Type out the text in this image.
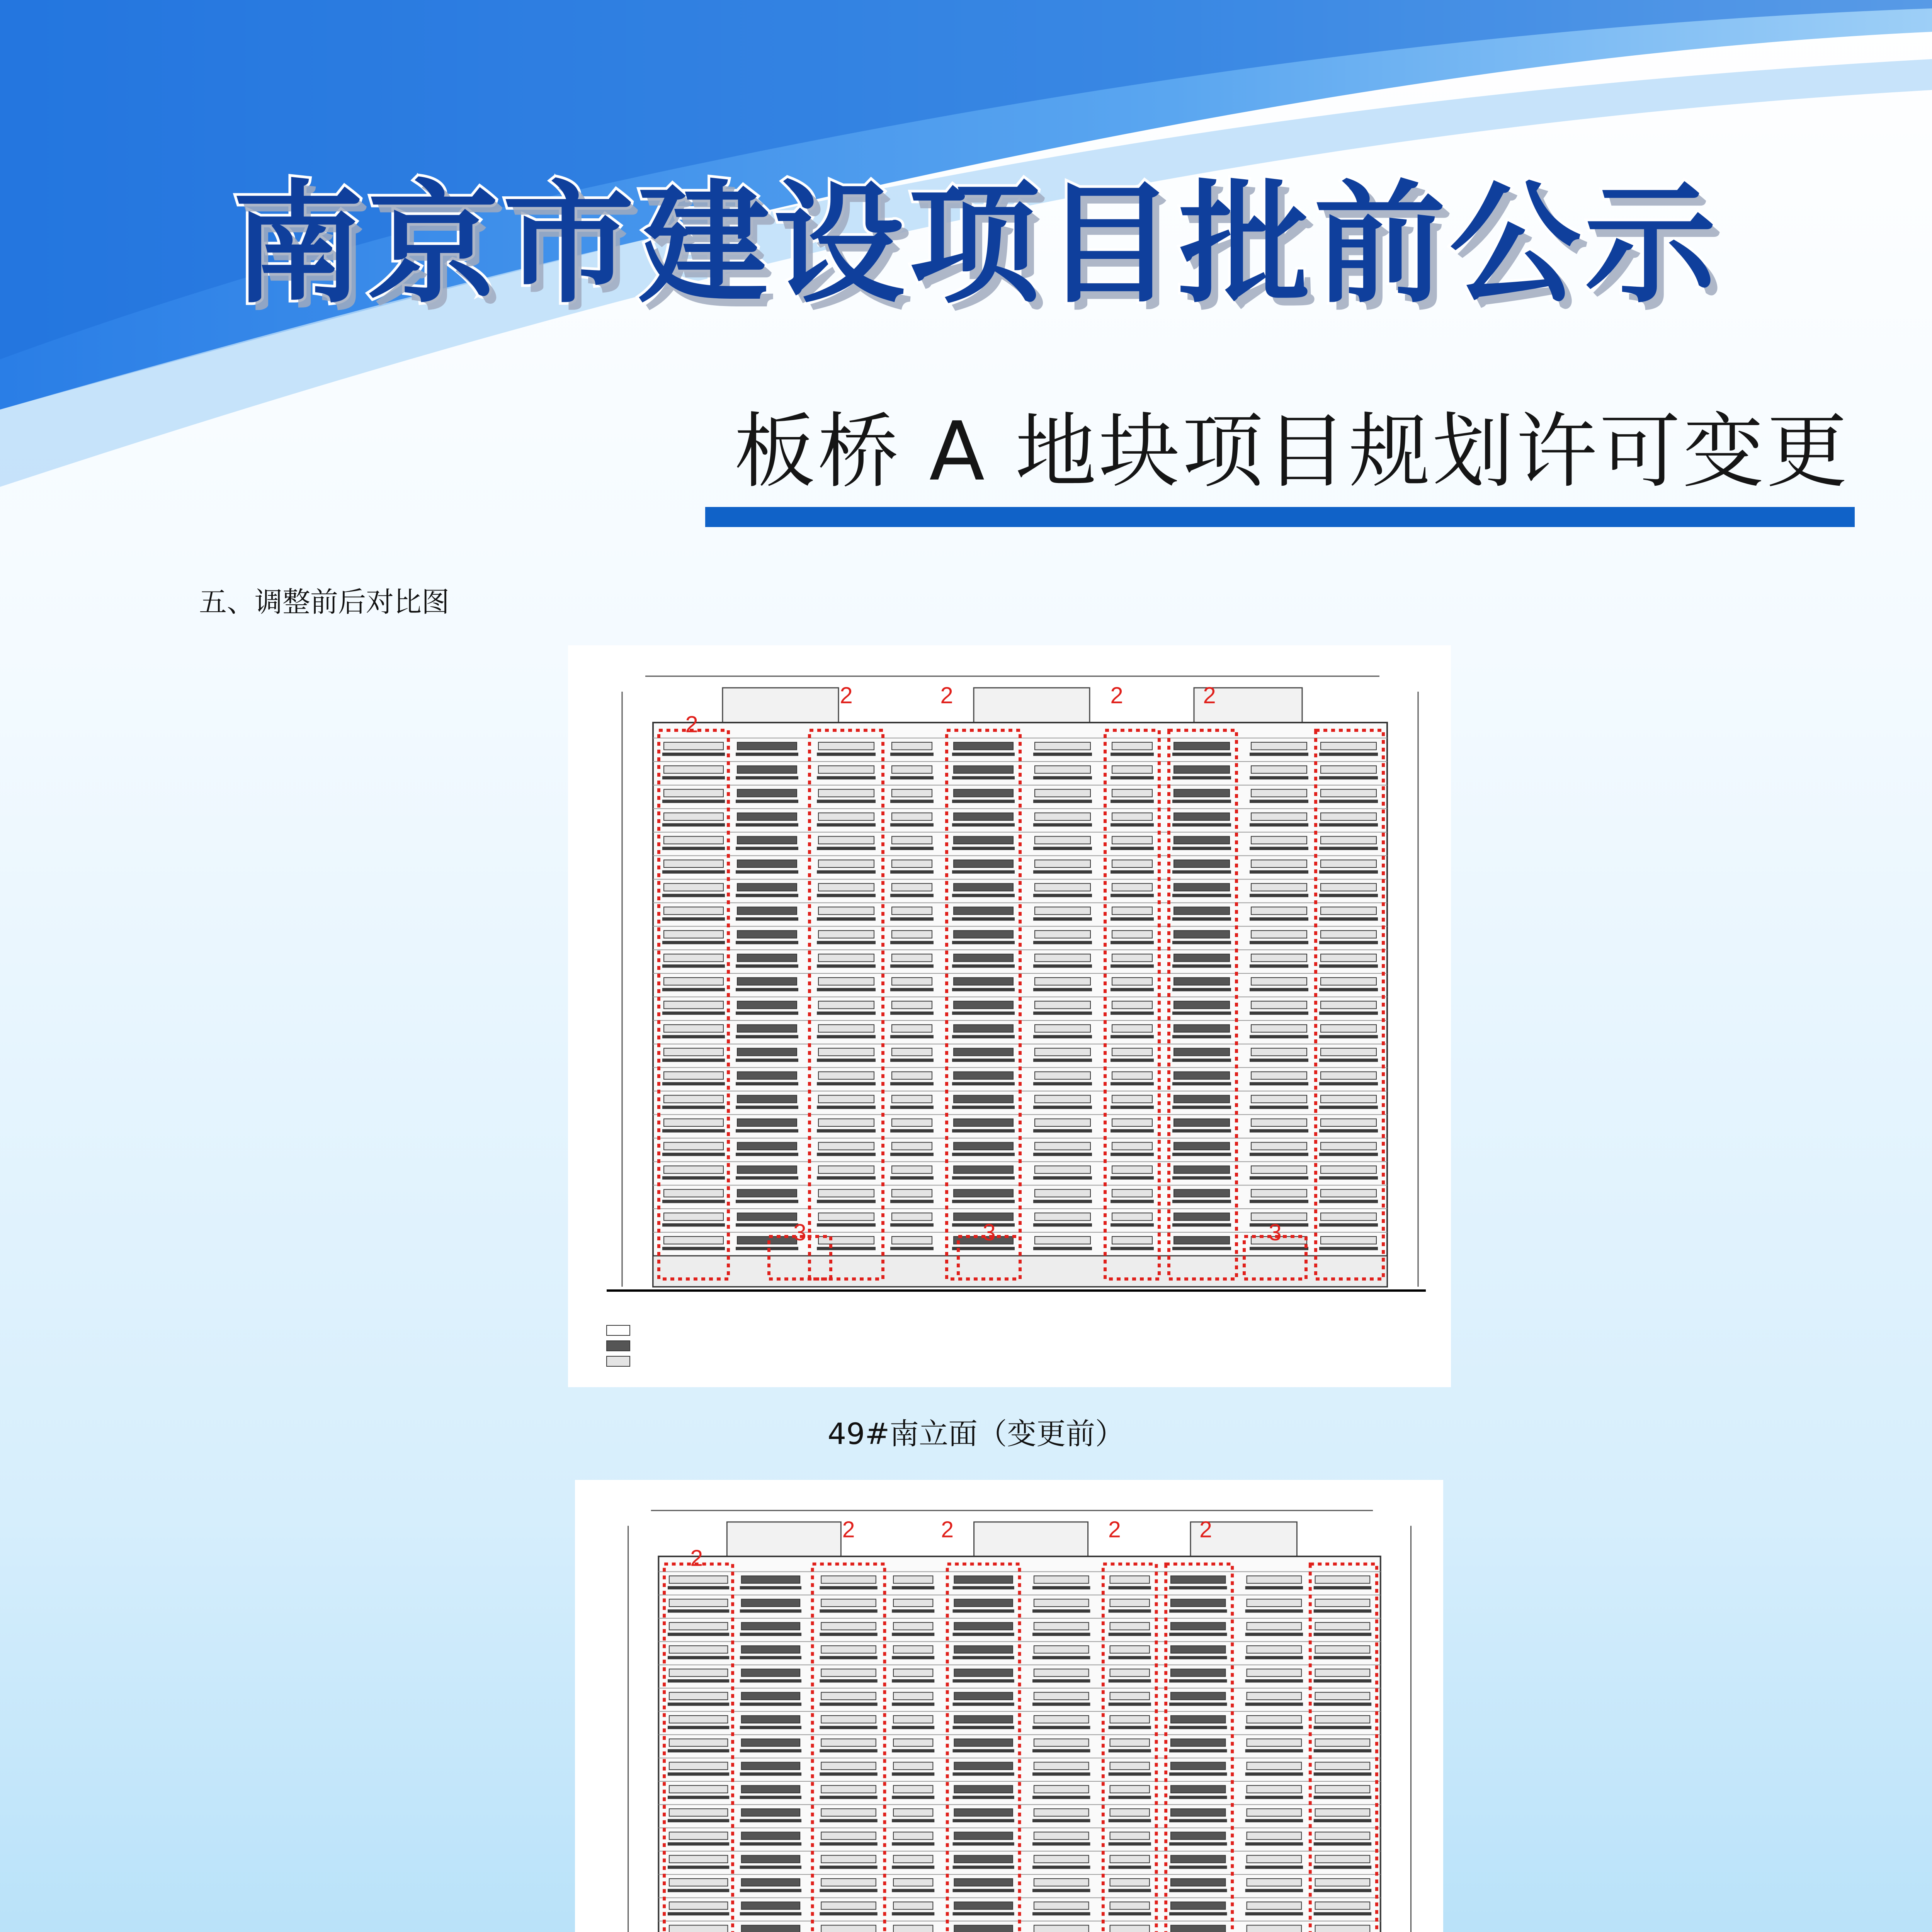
南京市建设项目批前公示
板桥 A 地块项目规划许可变更
五、调整前后对比图
2
2	2	2	2
3	3	3
49#南立面（变更前）
2
2	2	2	2
